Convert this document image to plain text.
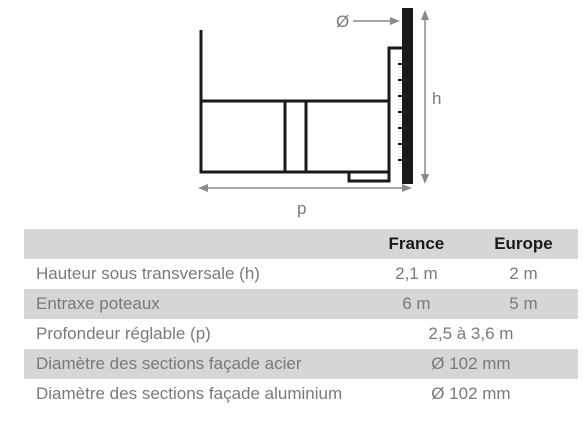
Ø
h
p
	France	Europe
Hauteur sous transversale (h)	2,1 m	2 m
Entraxe poteaux	6 m	5 m
Profondeur réglable (p)	2,5 à 3,6 m	
Diamètre des sections façade acier	Ø 102 mm	
Diamètre des sections façade aluminium	Ø 102 mm	
